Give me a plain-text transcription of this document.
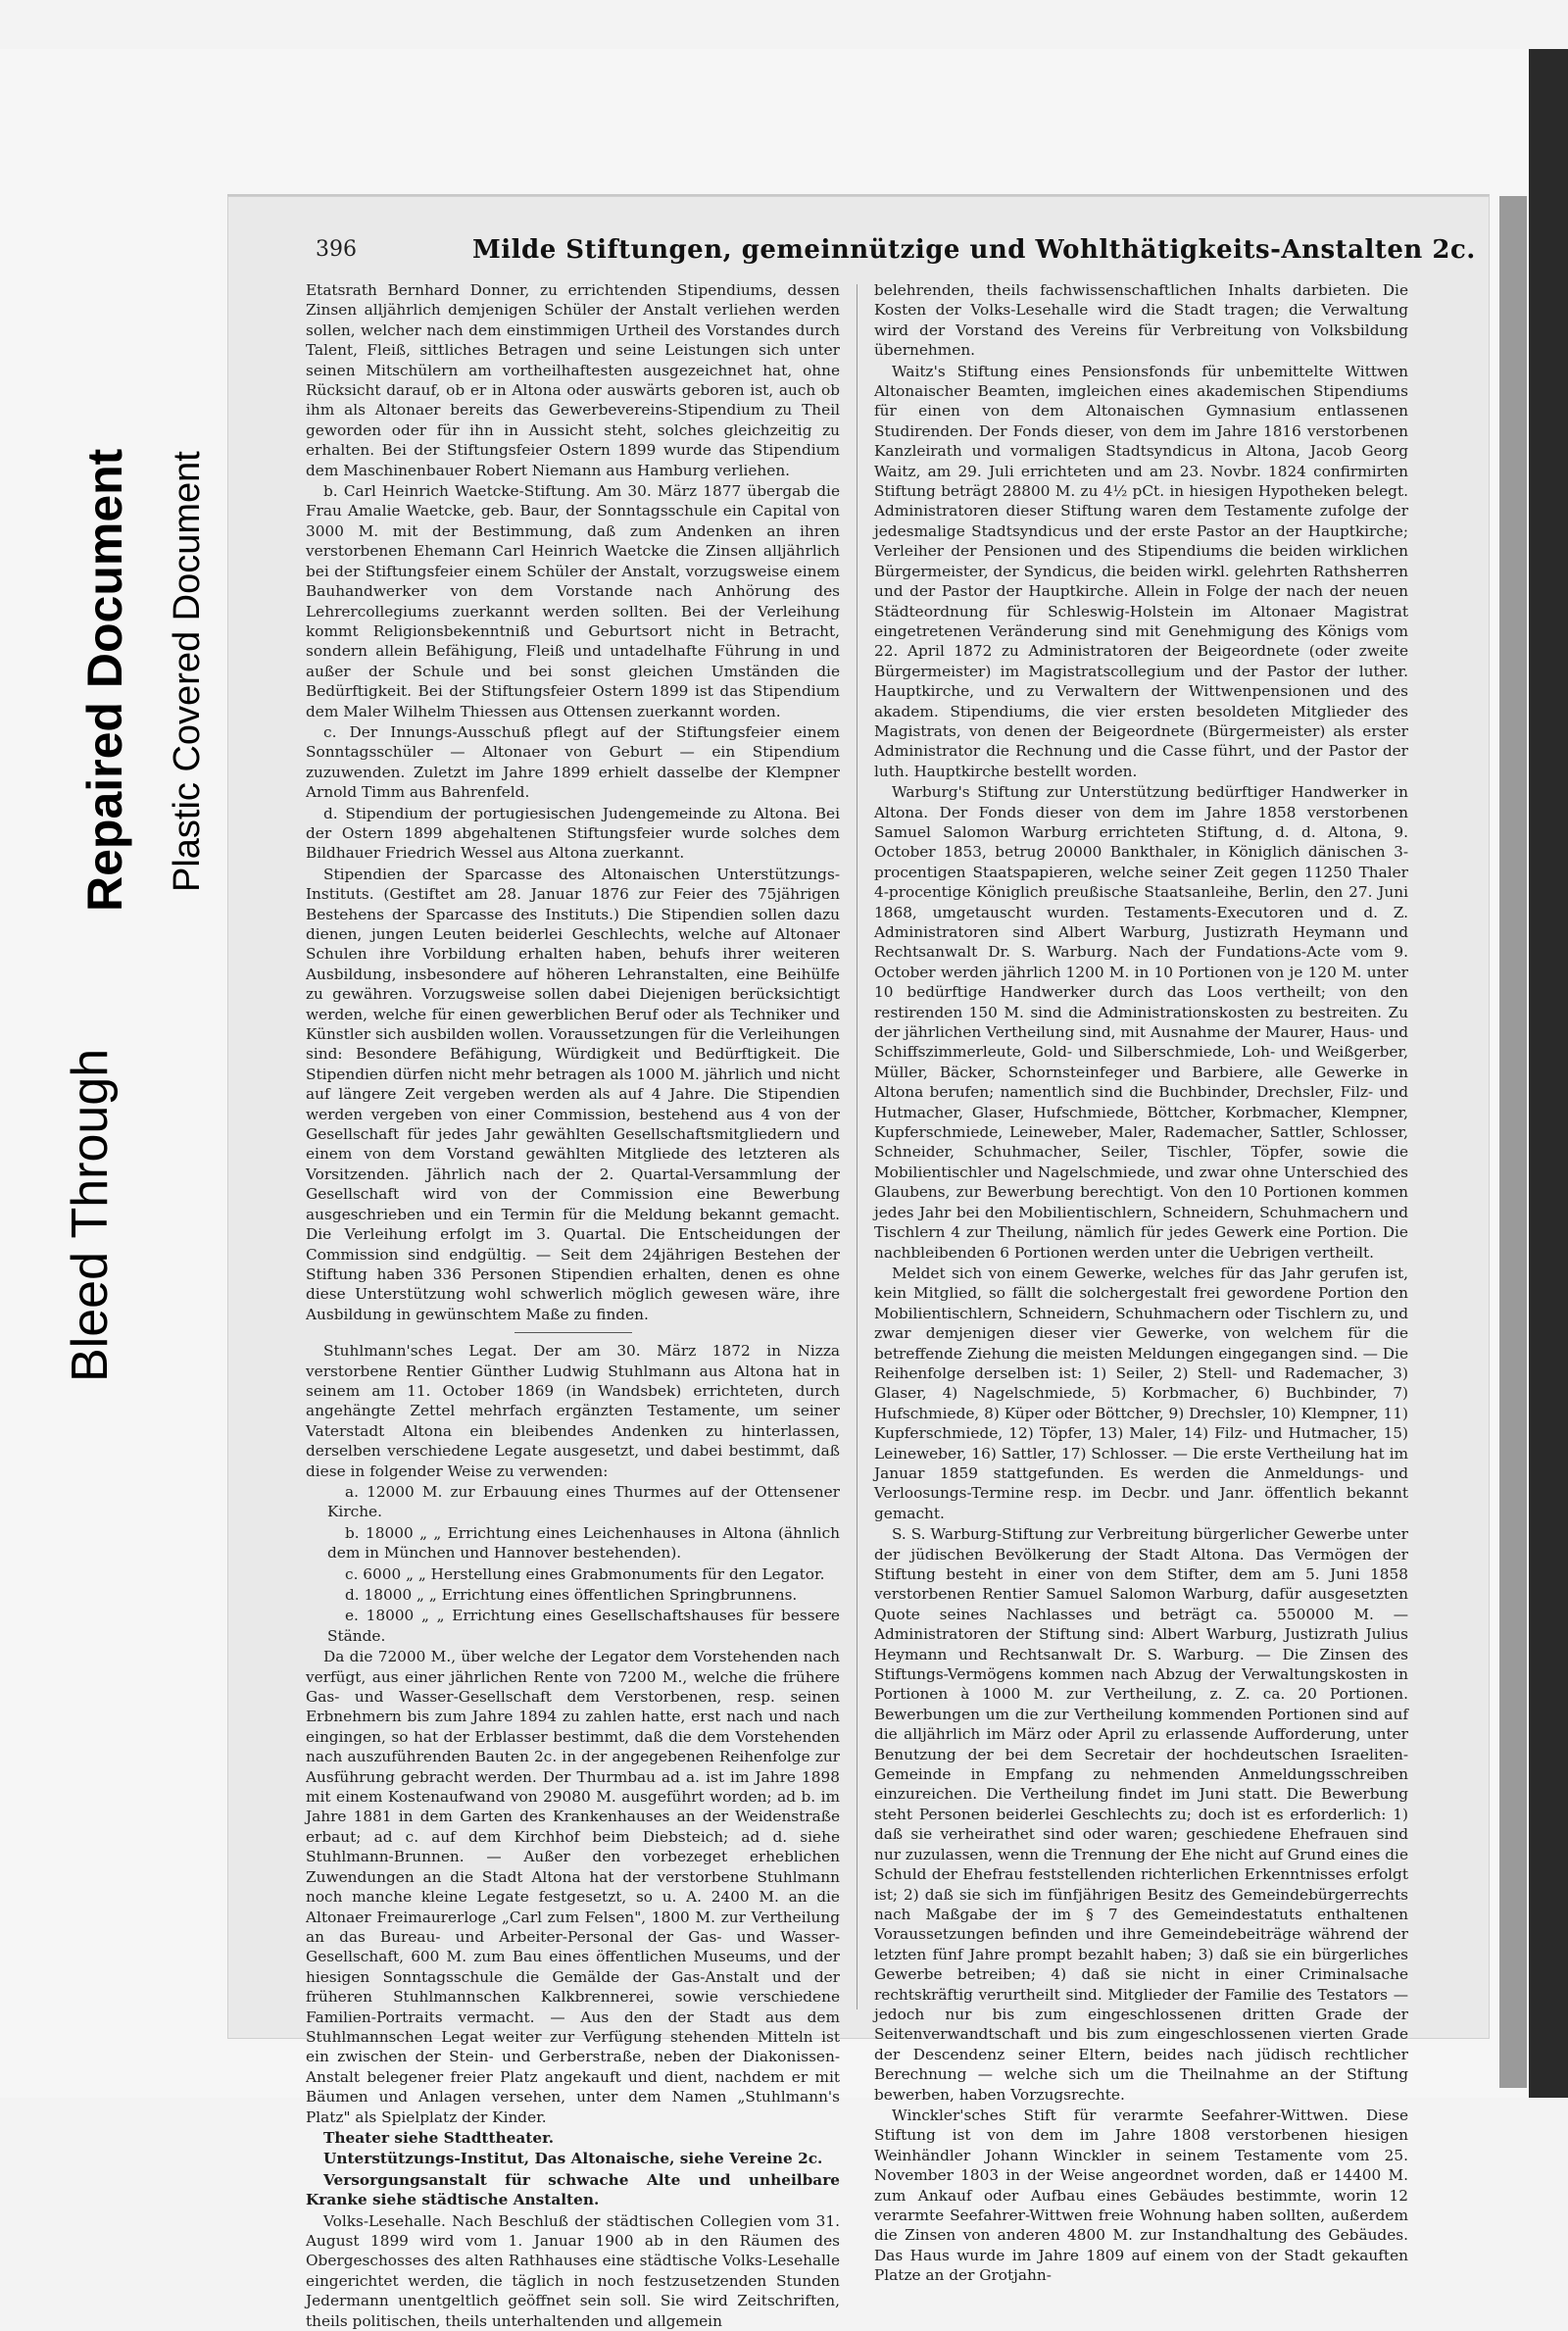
Bleed Through
Repaired Document Plastic Covered Document
396	Milde Stiftungen, gemeinnützige und Wohlthätigkeits-Anstalten 2c.

Etatsrath Bernhard Donner, zu errichtenden Stipendiums, dessen Zinsen alljährlich demjenigen Schüler der Anstalt verliehen werden sollen, welcher nach dem einstimmigen Urtheil des Vorstandes durch Talent, Fleiß, sittliches Betragen und seine Leistungen sich unter seinen Mitschülern am vortheilhaftesten ausgezeichnet hat, ohne Rücksicht darauf, ob er in Altona oder auswärts geboren ist, auch ob ihm als Altonaer bereits das Gewerbevereins-Stipendium zu Theil geworden oder für ihn in Aussicht steht, solches gleichzeitig zu erhalten. Bei der Stiftungsfeier Ostern 1899 wurde das Stipendium dem Maschinenbauer Robert Niemann aus Hamburg verliehen.

b. Carl Heinrich Waetcke-Stiftung. Am 30. März 1877 übergab die Frau Amalie Waetcke, geb. Baur, der Sonntagsschule ein Capital von 3000 M. mit der Bestimmung, daß zum Andenken an ihren verstorbenen Ehemann Carl Heinrich Waetcke die Zinsen alljährlich bei der Stiftungsfeier einem Schüler der Anstalt, vorzugsweise einem Bauhandwerker von dem Vorstande nach Anhörung des Lehrercollegiums zuerkannt werden sollten. Bei der Verleihung kommt Religionsbekenntniß und Geburtsort nicht in Betracht, sondern allein Befähigung, Fleiß und untadelhafte Führung in und außer der Schule und bei sonst gleichen Umständen die Bedürftigkeit. Bei der Stiftungsfeier Ostern 1899 ist das Stipendium dem Maler Wilhelm Thiessen aus Ottensen zuerkannt worden.

c. Der Innungs-Ausschuß pflegt auf der Stiftungsfeier einem Sonntagsschüler — Altonaer von Geburt — ein Stipendium zuzuwenden. Zuletzt im Jahre 1899 erhielt dasselbe der Klempner Arnold Timm aus Bahrenfeld.

d. Stipendium der portugiesischen Judengemeinde zu Altona. Bei der Ostern 1899 abgehaltenen Stiftungsfeier wurde solches dem Bildhauer Friedrich Wessel aus Altona zuerkannt.

Stipendien der Sparcasse des Altonaischen Unterstützungs-Instituts. (Gestiftet am 28. Januar 1876 zur Feier des 75jährigen Bestehens der Sparcasse des Instituts.) Die Stipendien sollen dazu dienen, jungen Leuten beiderlei Geschlechts, welche auf Altonaer Schulen ihre Vorbildung erhalten haben, behufs ihrer weiteren Ausbildung, insbesondere auf höheren Lehranstalten, eine Beihülfe zu gewähren. Vorzugsweise sollen dabei Diejenigen berücksichtigt werden, welche für einen gewerblichen Beruf oder als Techniker und Künstler sich ausbilden wollen. Voraussetzungen für die Verleihungen sind: Besondere Befähigung, Würdigkeit und Bedürftigkeit. Die Stipendien dürfen nicht mehr betragen als 1000 M. jährlich und nicht auf längere Zeit vergeben werden als auf 4 Jahre. Die Stipendien werden vergeben von einer Commission, bestehend aus 4 von der Gesellschaft für jedes Jahr gewählten Gesellschaftsmitgliedern und einem von dem Vorstand gewählten Mitgliede des letzteren als Vorsitzenden. Jährlich nach der 2. Quartal-Versammlung der Gesellschaft wird von der Commission eine Bewerbung ausgeschrieben und ein Termin für die Meldung bekannt gemacht. Die Verleihung erfolgt im 3. Quartal. Die Entscheidungen der Commission sind endgültig. — Seit dem 24jährigen Bestehen der Stiftung haben 336 Personen Stipendien erhalten, denen es ohne diese Unterstützung wohl schwerlich möglich gewesen wäre, ihre Ausbildung in gewünschtem Maße zu finden.

Stuhlmann'sches Legat. Der am 30. März 1872 in Nizza verstorbene Rentier Günther Ludwig Stuhlmann aus Altona hat in seinem am 11. October 1869 (in Wandsbek) errichteten, durch angehängte Zettel mehrfach ergänzten Testamente, um seiner Vaterstadt Altona ein bleibendes Andenken zu hinterlassen, derselben verschiedene Legate ausgesetzt, und dabei bestimmt, daß diese in folgender Weise zu verwenden:

a. 12000 M. zur Erbauung eines Thurmes auf der Ottensener Kirche.

b. 18000 „ „ Errichtung eines Leichenhauses in Altona (ähnlich dem in München und Hannover bestehenden).

c. 6000 „ „ Herstellung eines Grabmonuments für den Legator.

d. 18000 „ „ Errichtung eines öffentlichen Springbrunnens.

e. 18000 „ „ Errichtung eines Gesellschaftshauses für bessere Stände.

Da die 72000 M., über welche der Legator dem Vorstehenden nach verfügt, aus einer jährlichen Rente von 7200 M., welche die frühere Gas- und Wasser-Gesellschaft dem Verstorbenen, resp. seinen Erbnehmern bis zum Jahre 1894 zu zahlen hatte, erst nach und nach eingingen, so hat der Erblasser bestimmt, daß die dem Vorstehenden nach auszuführenden Bauten 2c. in der angegebenen Reihenfolge zur Ausführung gebracht werden. Der Thurmbau ad a. ist im Jahre 1898 mit einem Kostenaufwand von 29080 M. ausgeführt worden; ad b. im Jahre 1881 in dem Garten des Krankenhauses an der Weidenstraße erbaut; ad c. auf dem Kirchhof beim Diebsteich; ad d. siehe Stuhlmann-Brunnen. — Außer den vorbezeget erheblichen Zuwendungen an die Stadt Altona hat der verstorbene Stuhlmann noch manche kleine Legate festgesetzt, so u. A. 2400 M. an die Altonaer Freimaurerloge „Carl zum Felsen", 1800 M. zur Vertheilung an das Bureau- und Arbeiter-Personal der Gas- und Wasser-Gesellschaft, 600 M. zum Bau eines öffentlichen Museums, und der hiesigen Sonntagsschule die Gemälde der Gas-Anstalt und der früheren Stuhlmannschen Kalkbrennerei, sowie verschiedene Familien-Portraits vermacht. — Aus den der Stadt aus dem Stuhlmannschen Legat weiter zur Verfügung stehenden Mitteln ist ein zwischen der Stein- und Gerberstraße, neben der Diakonissen-Anstalt belegener freier Platz angekauft und dient, nachdem er mit Bäumen und Anlagen versehen, unter dem Namen „Stuhlmann's Platz" als Spielplatz der Kinder.

Theater siehe Stadttheater.

Unterstützungs-Institut, Das Altonaische, siehe Vereine 2c.

Versorgungsanstalt für schwache Alte und unheilbare Kranke siehe städtische Anstalten.

Volks-Lesehalle. Nach Beschluß der städtischen Collegien vom 31. August 1899 wird vom 1. Januar 1900 ab in den Räumen des Obergeschosses des alten Rathhauses eine städtische Volks-Lesehalle eingerichtet werden, die täglich in noch festzusetzenden Stunden Jedermann unentgeltlich geöffnet sein soll. Sie wird Zeitschriften, theils politischen, theils unterhaltenden und allgemein

belehrenden, theils fachwissenschaftlichen Inhalts darbieten. Die Kosten der Volks-Lesehalle wird die Stadt tragen; die Verwaltung wird der Vorstand des Vereins für Verbreitung von Volksbildung übernehmen.

Waitz's Stiftung eines Pensionsfonds für unbemittelte Wittwen Altonaischer Beamten, imgleichen eines akademischen Stipendiums für einen von dem Altonaischen Gymnasium entlassenen Studirenden. Der Fonds dieser, von dem im Jahre 1816 verstorbenen Kanzleirath und vormaligen Stadtsyndicus in Altona, Jacob Georg Waitz, am 29. Juli errichteten und am 23. Novbr. 1824 confirmirten Stiftung beträgt 28800 M. zu 4½ pCt. in hiesigen Hypotheken belegt. Administratoren dieser Stiftung waren dem Testamente zufolge der jedesmalige Stadtsyndicus und der erste Pastor an der Hauptkirche; Verleiher der Pensionen und des Stipendiums die beiden wirklichen Bürgermeister, der Syndicus, die beiden wirkl. gelehrten Rathsherren und der Pastor der Hauptkirche. Allein in Folge der nach der neuen Städteordnung für Schleswig-Holstein im Altonaer Magistrat eingetretenen Veränderung sind mit Genehmigung des Königs vom 22. April 1872 zu Administratoren der Beigeordnete (oder zweite Bürgermeister) im Magistratscollegium und der Pastor der luther. Hauptkirche, und zu Verwaltern der Wittwenpensionen und des akadem. Stipendiums, die vier ersten besoldeten Mitglieder des Magistrats, von denen der Beigeordnete (Bürgermeister) als erster Administrator die Rechnung und die Casse führt, und der Pastor der luth. Hauptkirche bestellt worden.

Warburg's Stiftung zur Unterstützung bedürftiger Handwerker in Altona. Der Fonds dieser von dem im Jahre 1858 verstorbenen Samuel Salomon Warburg errichteten Stiftung, d. d. Altona, 9. October 1853, betrug 20000 Bankthaler, in Königlich dänischen 3-procentigen Staatspapieren, welche seiner Zeit gegen 11250 Thaler 4-procentige Königlich preußische Staatsanleihe, Berlin, den 27. Juni 1868, umgetauscht wurden. Testaments-Executoren und d. Z. Administratoren sind Albert Warburg, Justizrath Heymann und Rechtsanwalt Dr. S. Warburg. Nach der Fundations-Acte vom 9. October werden jährlich 1200 M. in 10 Portionen von je 120 M. unter 10 bedürftige Handwerker durch das Loos vertheilt; von den restirenden 150 M. sind die Administrationskosten zu bestreiten. Zu der jährlichen Vertheilung sind, mit Ausnahme der Maurer, Haus- und Schiffszimmerleute, Gold- und Silberschmiede, Loh- und Weißgerber, Müller, Bäcker, Schornsteinfeger und Barbiere, alle Gewerke in Altona berufen; namentlich sind die Buchbinder, Drechsler, Filz- und Hutmacher, Glaser, Hufschmiede, Böttcher, Korbmacher, Klempner, Kupferschmiede, Leineweber, Maler, Rademacher, Sattler, Schlosser, Schneider, Schuhmacher, Seiler, Tischler, Töpfer, sowie die Mobilientischler und Nagelschmiede, und zwar ohne Unterschied des Glaubens, zur Bewerbung berechtigt. Von den 10 Portionen kommen jedes Jahr bei den Mobilientischlern, Schneidern, Schuhmachern und Tischlern 4 zur Theilung, nämlich für jedes Gewerk eine Portion. Die nachbleibenden 6 Portionen werden unter die Uebrigen vertheilt.

Meldet sich von einem Gewerke, welches für das Jahr gerufen ist, kein Mitglied, so fällt die solchergestalt frei gewordene Portion den Mobilientischlern, Schneidern, Schuhmachern oder Tischlern zu, und zwar demjenigen dieser vier Gewerke, von welchem für die betreffende Ziehung die meisten Meldungen eingegangen sind. — Die Reihenfolge derselben ist: 1) Seiler, 2) Stell- und Rademacher, 3) Glaser, 4) Nagelschmiede, 5) Korbmacher, 6) Buchbinder, 7) Hufschmiede, 8) Küper oder Böttcher, 9) Drechsler, 10) Klempner, 11) Kupferschmiede, 12) Töpfer, 13) Maler, 14) Filz- und Hutmacher, 15) Leineweber, 16) Sattler, 17) Schlosser. — Die erste Vertheilung hat im Januar 1859 stattgefunden. Es werden die Anmeldungs- und Verloosungs-Termine resp. im Decbr. und Janr. öffentlich bekannt gemacht.

S. S. Warburg-Stiftung zur Verbreitung bürgerlicher Gewerbe unter der jüdischen Bevölkerung der Stadt Altona. Das Vermögen der Stiftung besteht in einer von dem Stifter, dem am 5. Juni 1858 verstorbenen Rentier Samuel Salomon Warburg, dafür ausgesetzten Quote seines Nachlasses und beträgt ca. 550000 M. — Administratoren der Stiftung sind: Albert Warburg, Justizrath Julius Heymann und Rechtsanwalt Dr. S. Warburg. — Die Zinsen des Stiftungs-Vermögens kommen nach Abzug der Verwaltungskosten in Portionen à 1000 M. zur Vertheilung, z. Z. ca. 20 Portionen. Bewerbungen um die zur Vertheilung kommenden Portionen sind auf die alljährlich im März oder April zu erlassende Aufforderung, unter Benutzung der bei dem Secretair der hochdeutschen Israeliten-Gemeinde in Empfang zu nehmenden Anmeldungsschreiben einzureichen. Die Vertheilung findet im Juni statt. Die Bewerbung steht Personen beiderlei Geschlechts zu; doch ist es erforderlich: 1) daß sie verheirathet sind oder waren; geschiedene Ehefrauen sind nur zuzulassen, wenn die Trennung der Ehe nicht auf Grund eines die Schuld der Ehefrau feststellenden richterlichen Erkenntnisses erfolgt ist; 2) daß sie sich im fünfjährigen Besitz des Gemeindebürgerrechts nach Maßgabe der im § 7 des Gemeindestatuts enthaltenen Voraussetzungen befinden und ihre Gemeindebeiträge während der letzten fünf Jahre prompt bezahlt haben; 3) daß sie ein bürgerliches Gewerbe betreiben; 4) daß sie nicht in einer Criminalsache rechtskräftig verurtheilt sind. Mitglieder der Familie des Testators — jedoch nur bis zum eingeschlossenen dritten Grade der Seitenverwandtschaft und bis zum eingeschlossenen vierten Grade der Descendenz seiner Eltern, beides nach jüdisch rechtlicher Berechnung — welche sich um die Theilnahme an der Stiftung bewerben, haben Vorzugsrechte.

Winckler'sches Stift für verarmte Seefahrer-Wittwen. Diese Stiftung ist von dem im Jahre 1808 verstorbenen hiesigen Weinhändler Johann Winckler in seinem Testamente vom 25. November 1803 in der Weise angeordnet worden, daß er 14400 M. zum Ankauf oder Aufbau eines Gebäudes bestimmte, worin 12 verarmte Seefahrer-Wittwen freie Wohnung haben sollten, außerdem die Zinsen von anderen 4800 M. zur Instandhaltung des Gebäudes. Das Haus wurde im Jahre 1809 auf einem von der Stadt gekauften Platze an der Grotjahn-
